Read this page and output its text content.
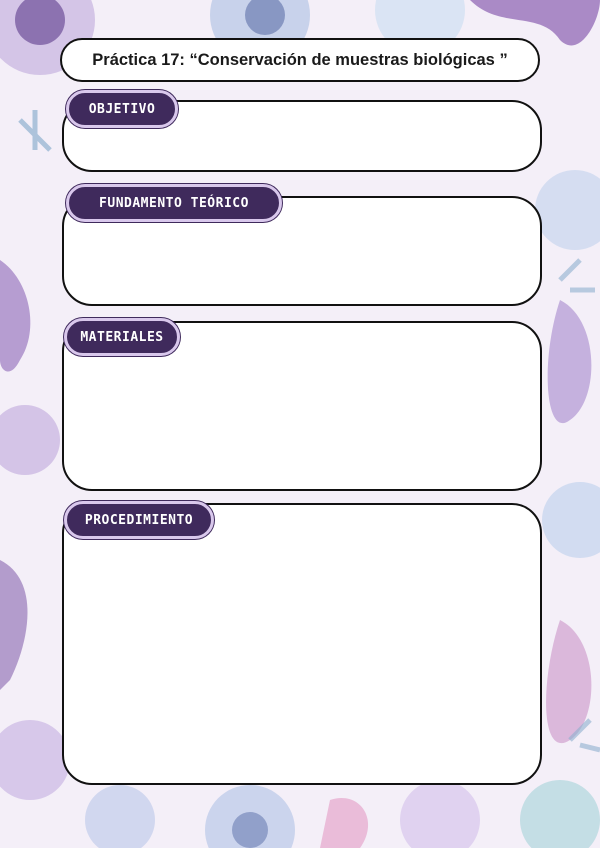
Práctica 17: “Conservación de muestras biológicas ”
OBJETIVO

FUNDAMENTO TEÓRICO

MATERIALES
•
•
•
•
•
•
•
•
•
•
•
•
•
PROCEDIMIENTO
1.
2.
3.
4.
5.
6.
7.
